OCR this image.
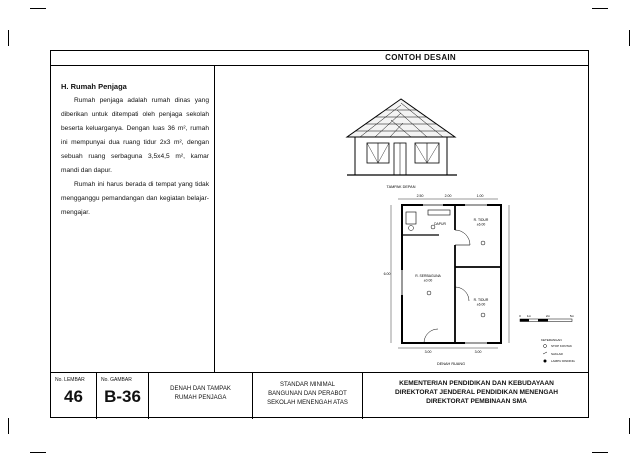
CONTOH DESAIN
H. Rumah Penjaga
Rumah penjaga adalah rumah dinas yang diberikan untuk ditempati oleh penjaga sekolah beserta keluarganya. Dengan luas 36 m², rumah ini mempunyai dua ruang tidur 2x3 m², dengan sebuah ruang serbaguna 3,5x4,5 m², kamar mandi dan dapur.
Rumah ini harus berada di tempat yang tidak mengganggu pemandangan dan kegiatan belajar-mengajar.
TAMPAK DEPAN
2.50	2.00	1.00
3.00	3.00
6.00
DAPUR
R. TIDUR ±6.00
R. SERBAGUNA ±0.00
R. TIDUR ±6.00
DENAH RUANG
0 1m	2m	5m
KETERANGAN
STOP KONTAK
SAKLAR
LAMPU DINDING
No. LEMBAR
46
No. GAMBAR
B-36	DENAH DAN TAMPAK
RUMAH PENJAGA
STANDAR MINIMAL
BANGUNAN DAN PERABOT
SEKOLAH MENENGAH ATAS
KEMENTERIAN PENDIDIKAN DAN KEBUDAYAAN
DIREKTORAT JENDERAL PENDIDIKAN MENENGAH
DIREKTORAT PEMBINAAN SMA
